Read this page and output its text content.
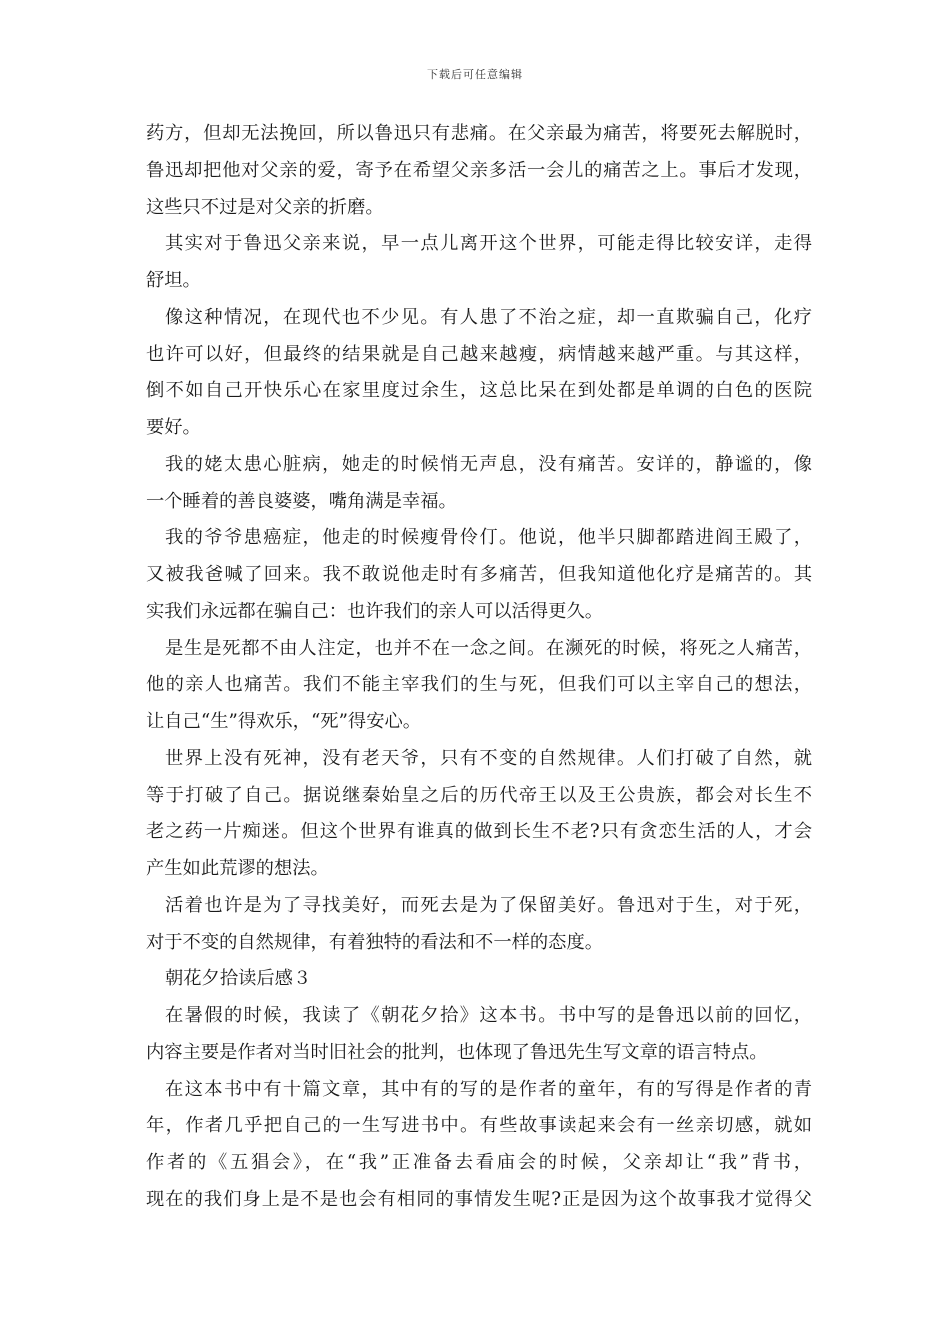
下载后可任意编辑
药方，但却无法挽回，所以鲁迅只有悲痛。在父亲最为痛苦，将要死去解脱时，
鲁迅却把他对父亲的爱，寄予在希望父亲多活一会儿的痛苦之上。事后才发现，
这些只不过是对父亲的折磨。
其实对于鲁迅父亲来说，早一点儿离开这个世界，可能走得比较安详，走得
舒坦。
像这种情况，在现代也不少见。有人患了不治之症，却一直欺骗自己，化疗
也许可以好，但最终的结果就是自己越来越瘦，病情越来越严重。与其这样，
倒不如自己开快乐心在家里度过余生，这总比呆在到处都是单调的白色的医院
要好。
我的姥太患心脏病，她走的时候悄无声息，没有痛苦。安详的，静谧的，像
一个睡着的善良婆婆，嘴角满是幸福。
我的爷爷患癌症，他走的时候瘦骨伶仃。他说，他半只脚都踏进阎王殿了，
又被我爸喊了回来。我不敢说他走时有多痛苦，但我知道他化疗是痛苦的。其
实我们永远都在骗自己：也许我们的亲人可以活得更久。
是生是死都不由人注定，也并不在一念之间。在濒死的时候，将死之人痛苦，
他的亲人也痛苦。我们不能主宰我们的生与死，但我们可以主宰自己的想法，
让自己“生”得欢乐，“死”得安心。
世界上没有死神，没有老天爷，只有不变的自然规律。人们打破了自然，就
等于打破了自己。据说继秦始皇之后的历代帝王以及王公贵族，都会对长生不
老之药一片痴迷。但这个世界有谁真的做到长生不老?只有贪恋生活的人，才会
产生如此荒谬的想法。
活着也许是为了寻找美好，而死去是为了保留美好。鲁迅对于生，对于死，
对于不变的自然规律，有着独特的看法和不一样的态度。
朝花夕拾读后感３
在暑假的时候，我读了《朝花夕拾》这本书。书中写的是鲁迅以前的回忆，
内容主要是作者对当时旧社会的批判，也体现了鲁迅先生写文章的语言特点。
在这本书中有十篇文章，其中有的写的是作者的童年，有的写得是作者的青
年，作者几乎把自己的一生写进书中。有些故事读起来会有一丝亲切感，就如
作者的《五猖会》，在“我”正准备去看庙会的时候，父亲却让“我”背书，
现在的我们身上是不是也会有相同的事情发生呢?正是因为这个故事我才觉得父
